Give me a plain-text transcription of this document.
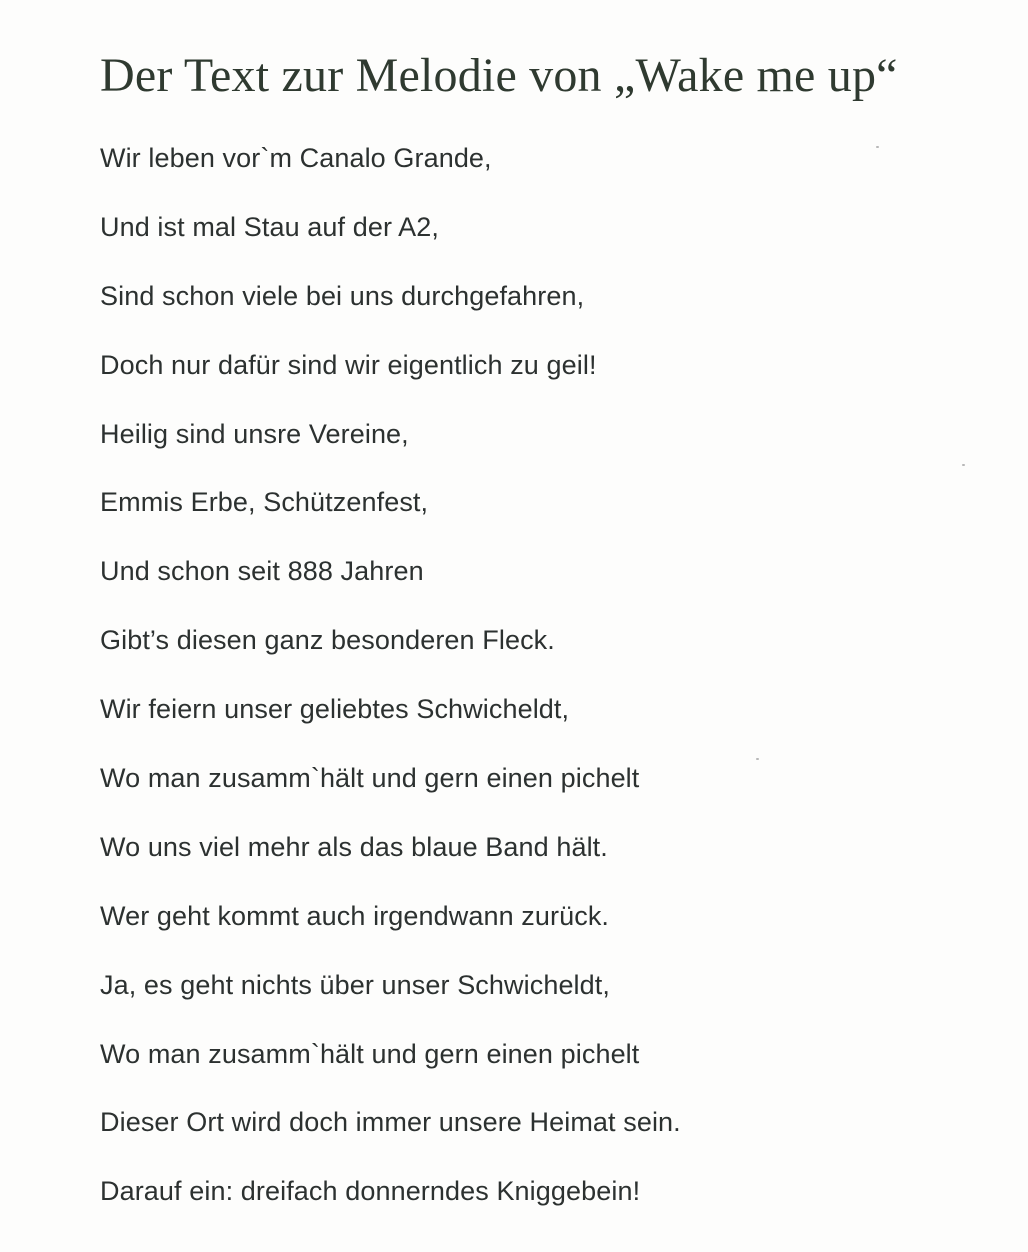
Der Text zur Melodie von „Wake me up“
Wir leben vor`m Canalo Grande,
Und ist mal Stau auf der A2,
Sind schon viele bei uns durchgefahren,
Doch nur dafür sind wir eigentlich zu geil!
Heilig sind unsre Vereine,
Emmis Erbe, Schützenfest,
Und schon seit 888 Jahren
Gibt’s diesen ganz besonderen Fleck.
Wir feiern unser geliebtes Schwicheldt,
Wo man zusamm`hält und gern einen pichelt
Wo uns viel mehr als das blaue Band hält.
Wer geht kommt auch irgendwann zurück.
Ja, es geht nichts über unser Schwicheldt,
Wo man zusamm`hält und gern einen pichelt
Dieser Ort wird doch immer unsere Heimat sein.
Darauf ein: dreifach donnerndes Kniggebein!
